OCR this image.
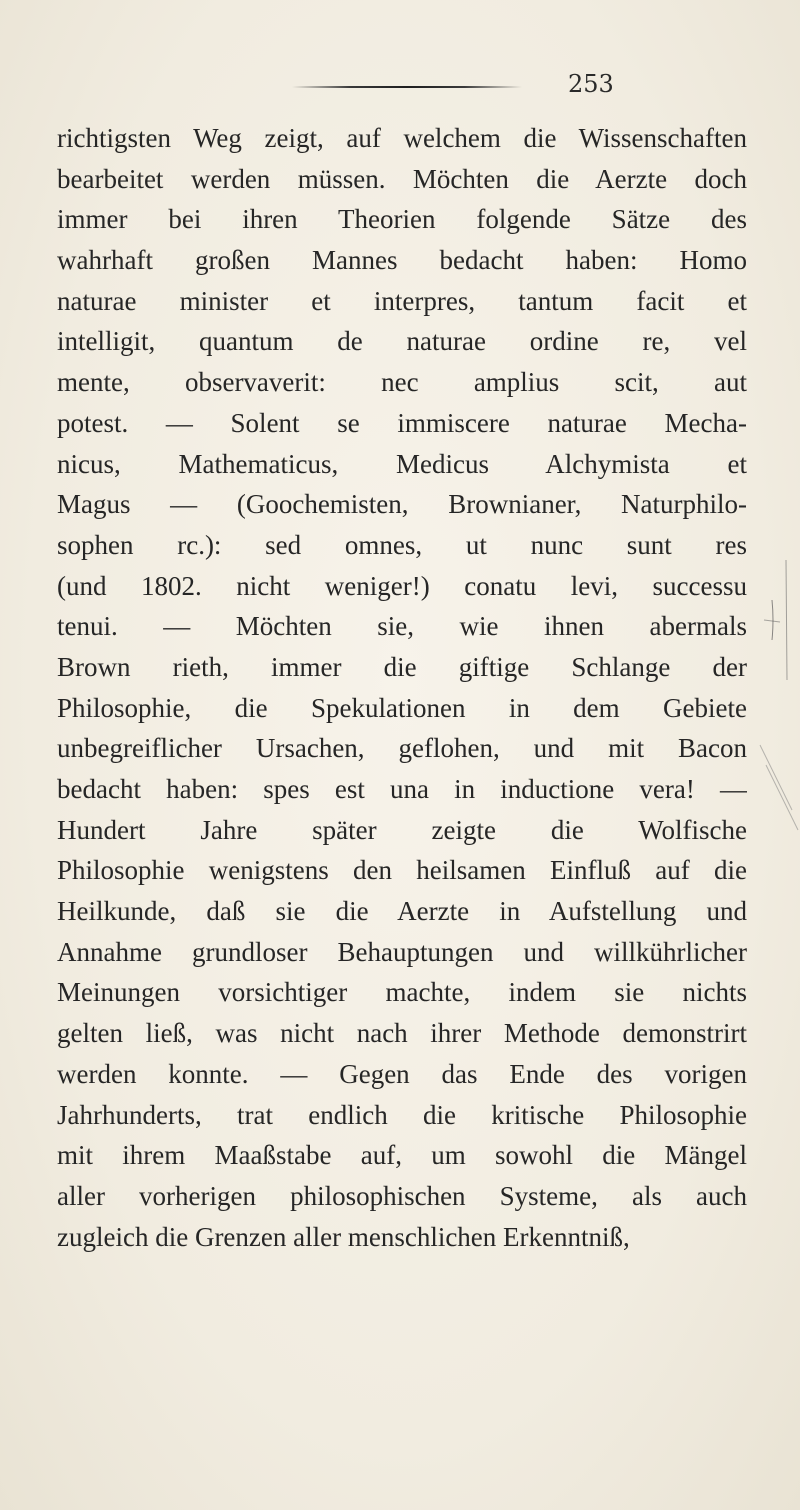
253
richtigsten Weg zeigt, auf welchem die Wissenschaften
bearbeitet werden müssen. Möchten die Aerzte doch
immer bei ihren Theorien folgende Sätze des
wahrhaft großen Mannes bedacht haben: Homo
naturae minister et interpres, tantum facit et
intelligit, quantum de naturae ordine re, vel
mente, observaverit: nec amplius scit, aut
potest. — Solent se immiscere naturae Mecha-
nicus, Mathematicus, Medicus Alchymista et
Magus — (Goochemisten, Brownianer, Naturphilo-
sophen rc.): sed omnes, ut nunc sunt res
(und 1802. nicht weniger!) conatu levi, successu
tenui. — Möchten sie, wie ihnen abermals
Brown rieth, immer die giftige Schlange der
Philosophie, die Spekulationen in dem Gebiete
unbegreiflicher Ursachen, geflohen, und mit Bacon
bedacht haben: spes est una in inductione vera! —
Hundert Jahre später zeigte die Wolfische
Philosophie wenigstens den heilsamen Einfluß auf die
Heilkunde, daß sie die Aerzte in Aufstellung und
Annahme grundloser Behauptungen und willkührlicher
Meinungen vorsichtiger machte, indem sie nichts
gelten ließ, was nicht nach ihrer Methode demonstrirt
werden konnte. — Gegen das Ende des vorigen
Jahrhunderts, trat endlich die kritische Philosophie
mit ihrem Maaßstabe auf, um sowohl die Mängel
aller vorherigen philosophischen Systeme, als auch
zugleich die Grenzen aller menschlichen Erkenntniß,
